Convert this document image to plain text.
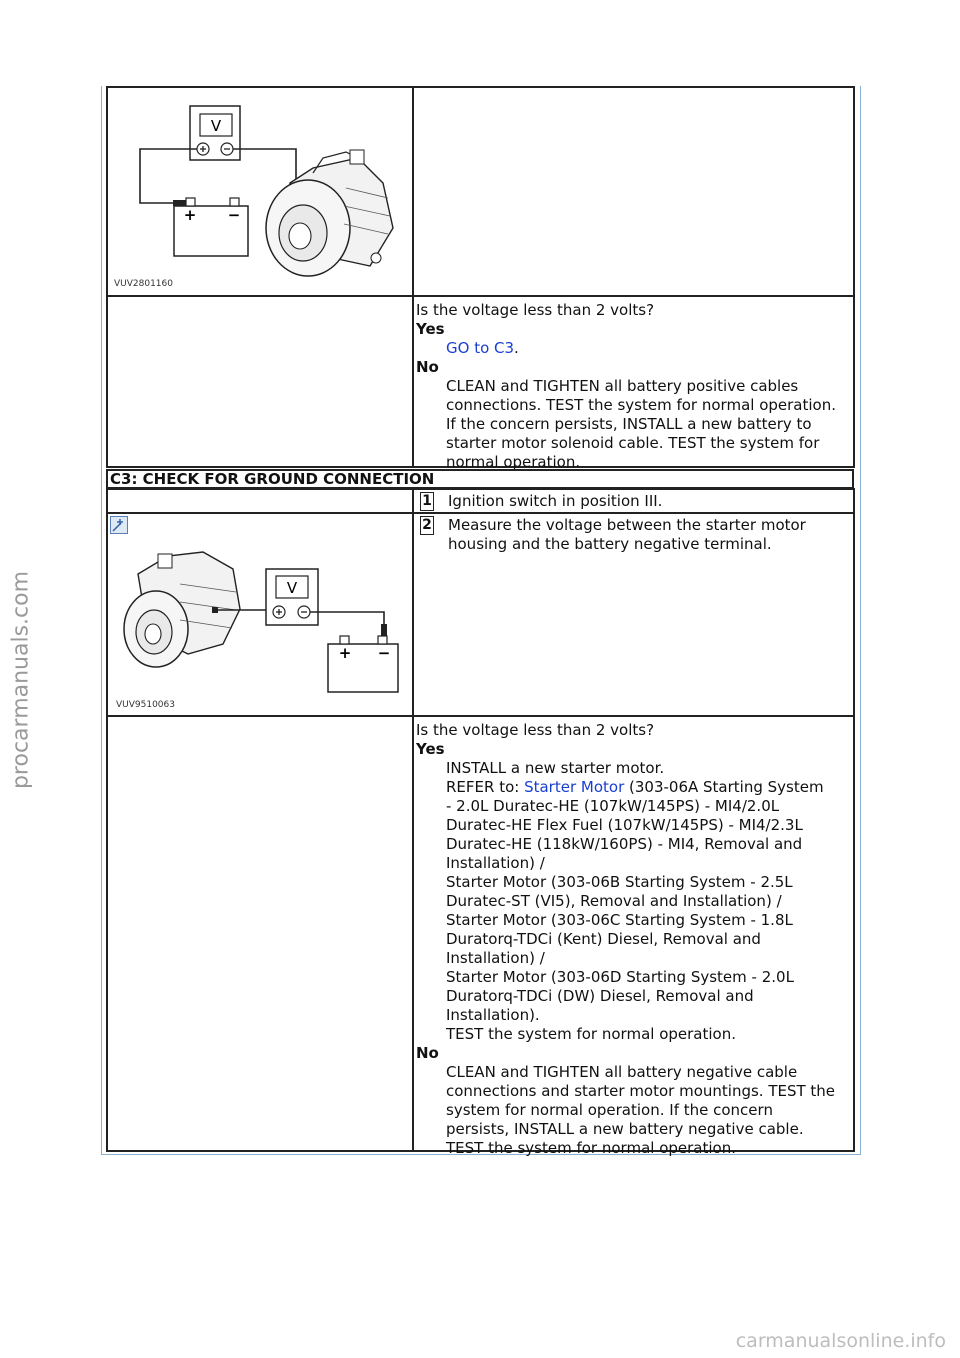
procarmanuals.com
carmanualsonline.info
V
+ −
VUV2801160

Is the voltage less than 2 volts?

Yes

GO to C3.

No

CLEAN and TIGHTEN all battery positive cables

connections. TEST the system for normal operation.

If the concern persists, INSTALL a new battery to

starter motor solenoid cable. TEST the system for

normal operation.

C3: CHECK FOR GROUND CONNECTION
1 Ignition switch in position III.
V
+ −
VUV9510063
2 Measure the voltage between the starter motor
housing and the battery negative terminal.

Is the voltage less than 2 volts?

Yes

INSTALL a new starter motor.

REFER to: Starter Motor (303-06A Starting System

- 2.0L Duratec-HE (107kW/145PS) - MI4/2.0L

Duratec-HE Flex Fuel (107kW/145PS) - MI4/2.3L

Duratec-HE (118kW/160PS) - MI4, Removal and

Installation) /

Starter Motor (303-06B Starting System - 2.5L

Duratec-ST (VI5), Removal and Installation) /

Starter Motor (303-06C Starting System - 1.8L

Duratorq-TDCi (Kent) Diesel, Removal and

Installation) /

Starter Motor (303-06D Starting System - 2.0L

Duratorq-TDCi (DW) Diesel, Removal and

Installation).

TEST the system for normal operation.

No

CLEAN and TIGHTEN all battery negative cable

connections and starter motor mountings. TEST the

system for normal operation. If the concern

persists, INSTALL a new battery negative cable.

TEST the system for normal operation.
